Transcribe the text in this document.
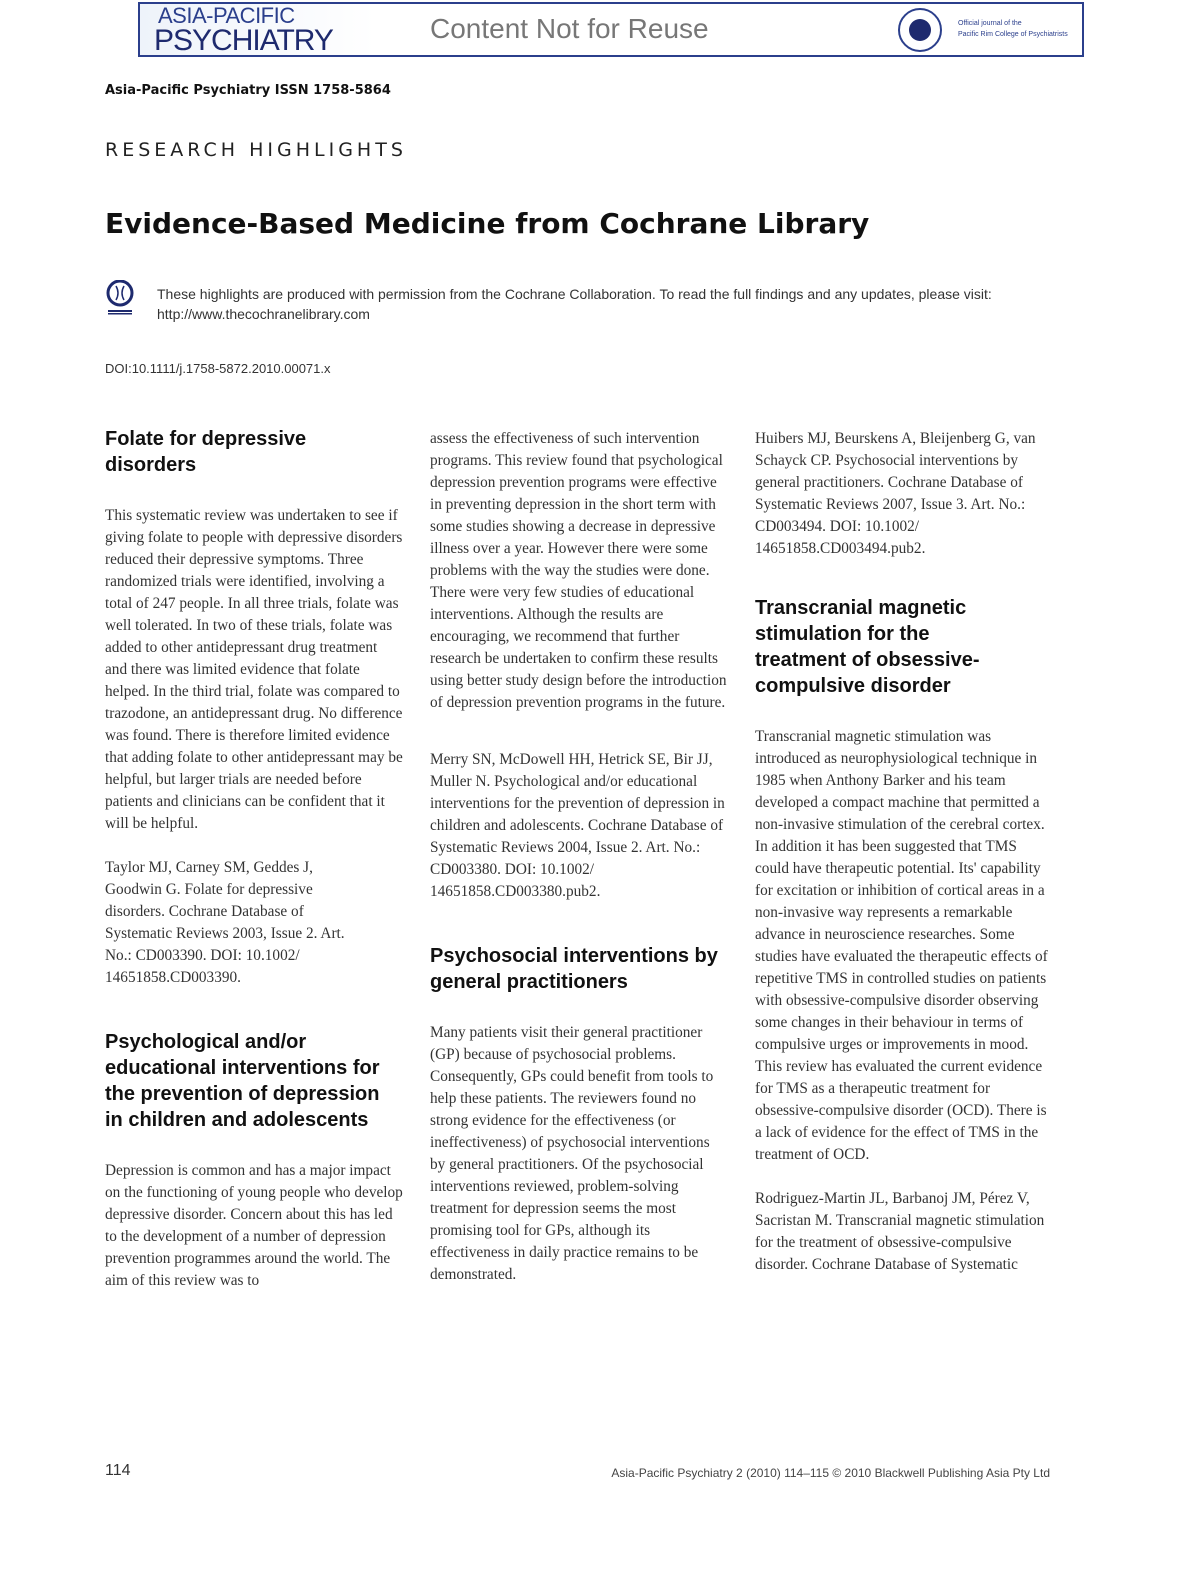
ASIA-PACIFIC
PSYCHIATRY
Official journal of the
Pacific Rim College of Psychiatrists
Content Not for Reuse
Asia-Pacific Psychiatry ISSN 1758-5864
RESEARCH HIGHLIGHTS
Evidence-Based Medicine from Cochrane Library
These highlights are produced with permission from the Cochrane Collaboration. To read the full findings and any updates, please visit: http://www.thecochranelibrary.com
DOI:10.1111/j.1758-5872.2010.00071.x
Folate for depressive disorders

This systematic review was undertaken to see if giving folate to people with depressive disorders reduced their depressive symptoms. Three randomized trials were identified, involving a total of 247 people. In all three trials, folate was well tolerated. In two of these trials, folate was added to other antidepressant drug treatment and there was limited evidence that folate helped. In the third trial, folate was compared to trazodone, an antidepressant drug. No difference was found. There is therefore limited evidence that adding folate to other antidepressant may be helpful, but larger trials are needed before patients and clinicians can be confident that it will be helpful.

Taylor MJ, Carney SM, Geddes J, Goodwin G. Folate for depressive disorders. Cochrane Database of Systematic Reviews 2003, Issue 2. Art. No.: CD003390. DOI: 10.1002/ 14651858.CD003390.

Psychological and/or educational interventions for the prevention of depression in children and adolescents

Depression is common and has a major impact on the functioning of young people who develop depressive disorder. Concern about this has led to the development of a number of depression prevention programmes around the world. The aim of this review was to

assess the effectiveness of such intervention programs. This review found that psychological depression prevention programs were effective in preventing depression in the short term with some studies showing a decrease in depressive illness over a year. However there were some problems with the way the studies were done. There were very few studies of educational interventions. Although the results are encouraging, we recommend that further research be undertaken to confirm these results using better study design before the introduction of depression prevention programs in the future.

Merry SN, McDowell HH, Hetrick SE, Bir JJ, Muller N. Psychological and/or educational interventions for the prevention of depression in children and adolescents. Cochrane Database of Systematic Reviews 2004, Issue 2. Art. No.: CD003380. DOI: 10.1002/ 14651858.CD003380.pub2.

Psychosocial interventions by general practitioners

Many patients visit their general practitioner (GP) because of psychosocial problems. Consequently, GPs could benefit from tools to help these patients. The reviewers found no strong evidence for the effectiveness (or ineffectiveness) of psychosocial interventions by general practitioners. Of the psychosocial interventions reviewed, problem-solving treatment for depression seems the most promising tool for GPs, although its effectiveness in daily practice remains to be demonstrated.

Huibers MJ, Beurskens A, Bleijenberg G, van Schayck CP. Psychosocial interventions by general practitioners. Cochrane Database of Systematic Reviews 2007, Issue 3. Art. No.: CD003494. DOI: 10.1002/ 14651858.CD003494.pub2.

Transcranial magnetic stimulation for the treatment of obsessive-compulsive disorder

Transcranial magnetic stimulation was introduced as neurophysiological technique in 1985 when Anthony Barker and his team developed a compact machine that permitted a non-invasive stimulation of the cerebral cortex. In addition it has been suggested that TMS could have therapeutic potential. Its' capability for excitation or inhibition of cortical areas in a non-invasive way represents a remarkable advance in neuroscience researches. Some studies have evaluated the therapeutic effects of repetitive TMS in controlled studies on patients with obsessive-compulsive disorder observing some changes in their behaviour in terms of compulsive urges or improvements in mood. This review has evaluated the current evidence for TMS as a therapeutic treatment for obsessive-compulsive disorder (OCD). There is a lack of evidence for the effect of TMS in the treatment of OCD.

Rodriguez-Martin JL, Barbanoj JM, Pérez V, Sacristan M. Transcranial magnetic stimulation for the treatment of obsessive-compulsive disorder. Cochrane Database of Systematic

114	Asia-Pacific Psychiatry 2 (2010) 114–115 © 2010 Blackwell Publishing Asia Pty Ltd
